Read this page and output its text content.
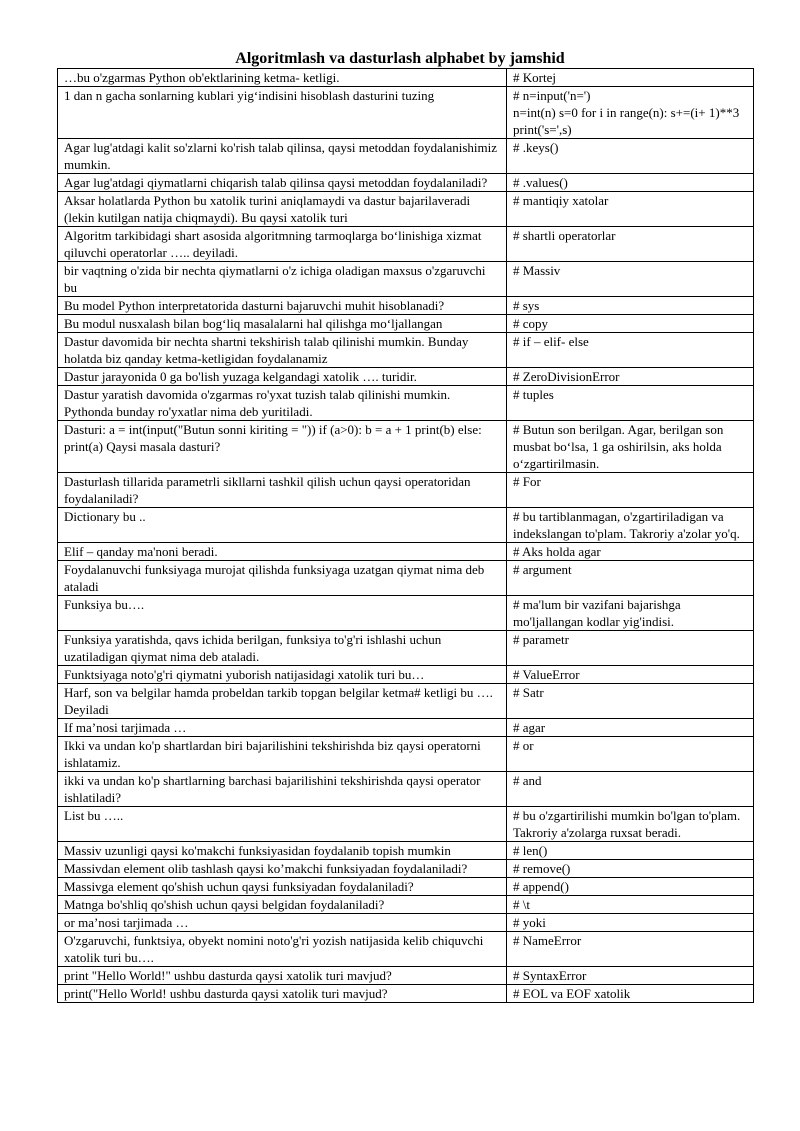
Algoritmlash va dasturlash alphabet by jamshid
…bu o'zgarmas Python ob'ektlarining ketma- ketligi.	# Kortej
1 dan n gacha sonlarning kublari yig‘indisini hisoblash dasturini tuzing	# n=input('n=')
n=int(n) s=0 for i in range(n): s+=(i+ 1)**3 print('s=',s)
Agar lug'atdagi kalit so'zlarni ko'rish talab qilinsa, qaysi metoddan foydalanishimiz mumkin.	# .keys()
Agar lug'atdagi qiymatlarni chiqarish talab qilinsa qaysi metoddan foydalaniladi?	# .values()
Aksar holatlarda Python bu xatolik turini aniqlamaydi va dastur bajarilaveradi (lekin kutilgan natija chiqmaydi). Bu qaysi xatolik turi	# mantiqiy xatolar
Algoritm tarkibidagi shart asosida algoritmning tarmoqlarga bo‘linishiga xizmat qiluvchi operatorlar ….. deyiladi.	# shartli operatorlar
bir vaqtning o'zida bir nechta qiymatlarni o'z ichiga oladigan maxsus o'zgaruvchi bu	# Massiv
Bu model Python interpretatorida dasturni bajaruvchi muhit hisoblanadi?	# sys
Bu modul nusxalash bilan bog‘liq masalalarni hal qilishga mo‘ljallangan	# copy
Dastur davomida bir nechta shartni tekshirish talab qilinishi mumkin. Bunday holatda biz qanday ketma-ketligidan foydalanamiz	# if – elif- else
Dastur jarayonida 0 ga bo'lish yuzaga kelgandagi xatolik …. turidir.	# ZeroDivisionError
Dastur yaratish davomida o'zgarmas ro'yxat tuzish talab qilinishi mumkin. Pythonda bunday ro'yxatlar nima deb yuritiladi.	# tuples
Dasturi: a = int(input("Butun sonni kiriting = ")) if (a>0): b = a + 1 print(b) else: print(a) Qaysi masala dasturi?	# Butun son berilgan. Agar, berilgan son musbat bo‘lsa, 1 ga oshirilsin, aks holda o‘zgartirilmasin.
Dasturlash tillarida parametrli sikllarni tashkil qilish uchun qaysi operatoridan foydalaniladi?	# For
Dictionary bu ..	# bu tartiblanmagan, o'zgartiriladigan va indekslangan to'plam. Takroriy a'zolar yo'q.
Elif – qanday ma'noni beradi.	# Aks holda agar
Foydalanuvchi funksiyaga murojat qilishda funksiyaga uzatgan qiymat nima deb ataladi	# argument
Funksiya bu….	# ma'lum bir vazifani bajarishga mo'ljallangan kodlar yig'indisi.
Funksiya yaratishda, qavs ichida berilgan, funksiya to'g'ri ishlashi uchun uzatiladigan qiymat nima deb ataladi.	# parametr
Funktsiyaga noto'g'ri qiymatni yuborish natijasidagi xatolik turi bu…	# ValueError
Harf, son va belgilar hamda probeldan tarkib topgan belgilar ketma# ketligi bu …. Deyiladi	# Satr
If ma’nosi tarjimada …	# agar
Ikki va undan ko'p shartlardan biri bajarilishini tekshirishda biz qaysi operatorni ishlatamiz.	# or
ikki va undan ko'p shartlarning barchasi bajarilishini tekshirishda qaysi operator ishlatiladi?	# and
List bu …..	# bu o'zgartirilishi mumkin bo'lgan to'plam. Takroriy a'zolarga ruxsat beradi.
Massiv uzunligi qaysi ko'makchi funksiyasidan foydalanib topish mumkin	# len()
Massivdan element olib tashlash qaysi ko’makchi funksiyadan foydalaniladi?	# remove()
Massivga element qo'shish uchun qaysi funksiyadan foydalaniladi?	# append()
Matnga bo'shliq qo'shish uchun qaysi belgidan foydalaniladi?	# \t
or ma’nosi tarjimada …	# yoki
O'zgaruvchi, funktsiya, obyekt nomini noto'g'ri yozish natijasida kelib chiquvchi xatolik turi bu….	# NameError
print "Hello World!" ushbu dasturda qaysi xatolik turi mavjud?	# SyntaxError
print("Hello World! ushbu dasturda qaysi xatolik turi mavjud?	# EOL va EOF xatolik
